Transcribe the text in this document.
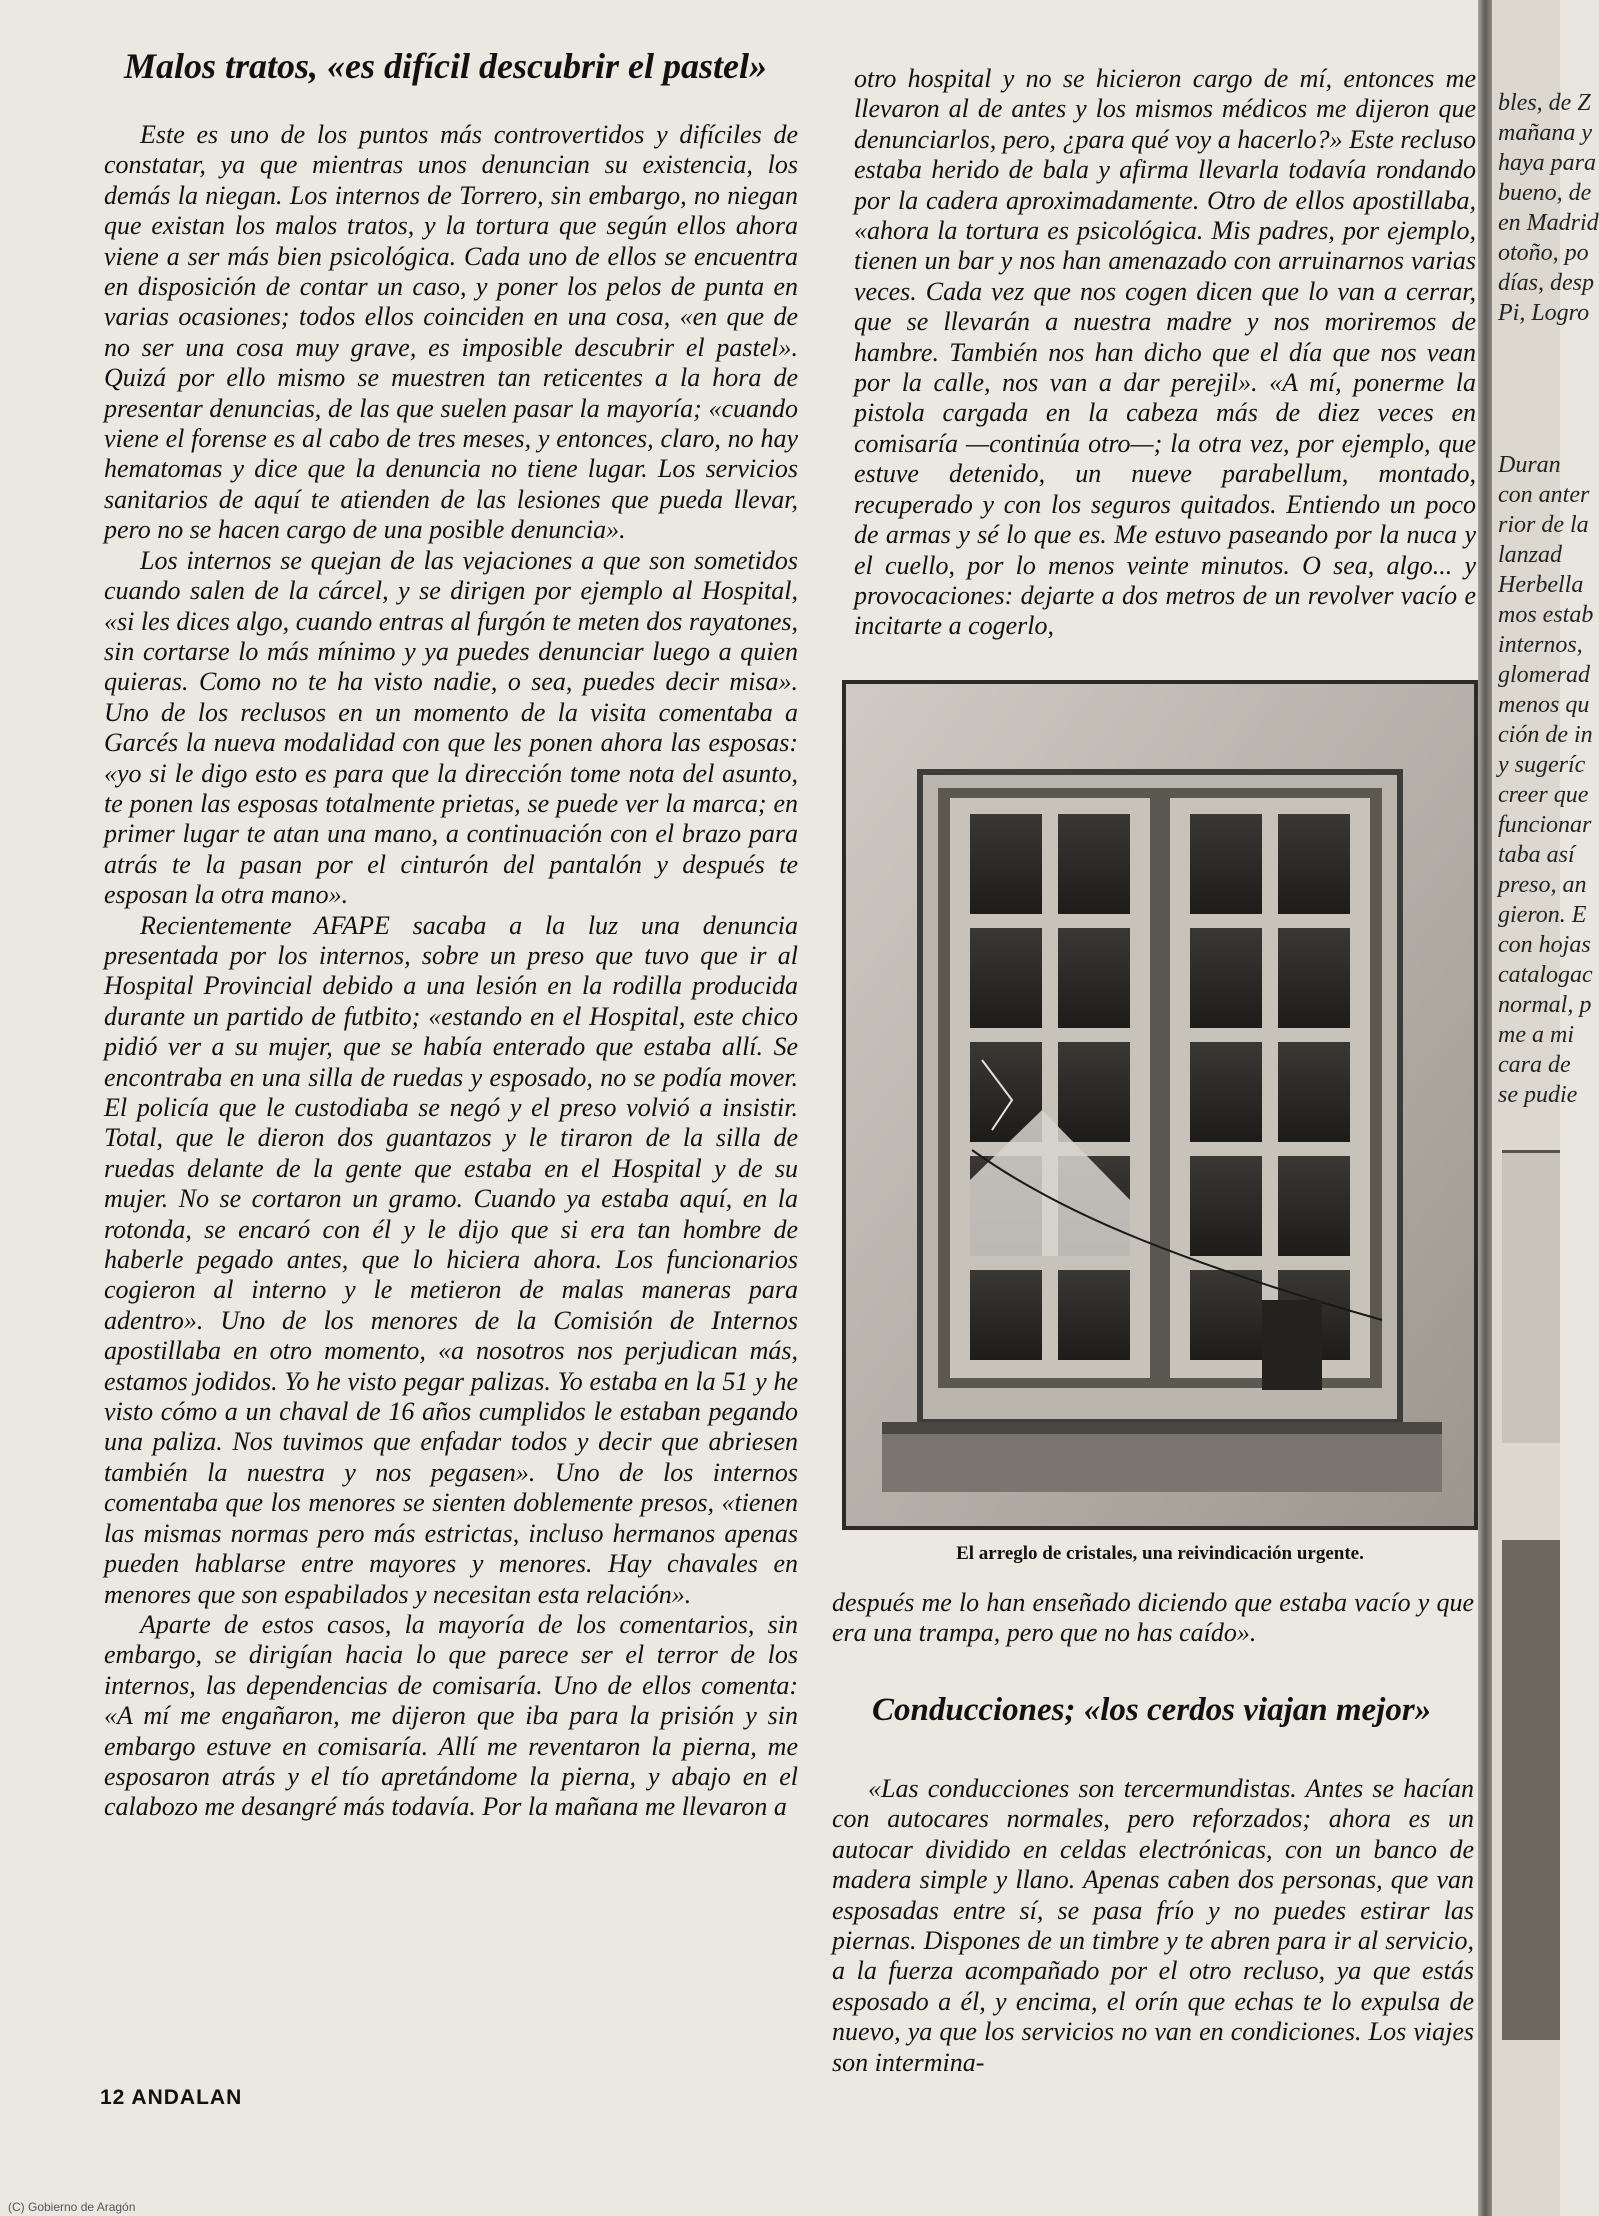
Malos tratos, «es difícil descubrir el pastel»

Este es uno de los puntos más controvertidos y difíciles de constatar, ya que mientras unos denuncian su existencia, los demás la niegan. Los internos de Torrero, sin embargo, no niegan que existan los malos tratos, y la tortura que según ellos ahora viene a ser más bien psicológica. Cada uno de ellos se encuentra en disposición de contar un caso, y poner los pelos de punta en varias ocasiones; todos ellos coinciden en una cosa, «en que de no ser una cosa muy grave, es imposible descubrir el pastel». Quizá por ello mismo se muestren tan reticentes a la hora de presentar denuncias, de las que suelen pasar la mayoría; «cuando viene el forense es al cabo de tres meses, y entonces, claro, no hay hematomas y dice que la denuncia no tiene lugar. Los servicios sanitarios de aquí te atienden de las lesiones que pueda llevar, pero no se hacen cargo de una posible denuncia».

Los internos se quejan de las vejaciones a que son sometidos cuando salen de la cárcel, y se dirigen por ejemplo al Hospital, «si les dices algo, cuando entras al furgón te meten dos rayatones, sin cortarse lo más mínimo y ya puedes denunciar luego a quien quieras. Como no te ha visto nadie, o sea, puedes decir misa». Uno de los reclusos en un momento de la visita comentaba a Garcés la nueva modalidad con que les ponen ahora las esposas: «yo si le digo esto es para que la dirección tome nota del asunto, te ponen las esposas totalmente prietas, se puede ver la marca; en primer lugar te atan una mano, a continuación con el brazo para atrás te la pasan por el cinturón del pantalón y después te esposan la otra mano».

Recientemente AFAPE sacaba a la luz una denuncia presentada por los internos, sobre un preso que tuvo que ir al Hospital Provincial debido a una lesión en la rodilla producida durante un partido de futbito; «estando en el Hospital, este chico pidió ver a su mujer, que se había enterado que estaba allí. Se encontraba en una silla de ruedas y esposado, no se podía mover. El policía que le custodiaba se negó y el preso volvió a insistir. Total, que le dieron dos guantazos y le tiraron de la silla de ruedas delante de la gente que estaba en el Hospital y de su mujer. No se cortaron un gramo. Cuando ya estaba aquí, en la rotonda, se encaró con él y le dijo que si era tan hombre de haberle pegado antes, que lo hiciera ahora. Los funcionarios cogieron al interno y le metieron de malas maneras para adentro». Uno de los menores de la Comisión de Internos apostillaba en otro momento, «a nosotros nos perjudican más, estamos jodidos. Yo he visto pegar palizas. Yo estaba en la 51 y he visto cómo a un chaval de 16 años cumplidos le estaban pegando una paliza. Nos tuvimos que enfadar todos y decir que abriesen también la nuestra y nos pegasen». Uno de los internos comentaba que los menores se sienten doblemente presos, «tienen las mismas normas pero más estrictas, incluso hermanos apenas pueden hablarse entre mayores y menores. Hay chavales en menores que son espabilados y necesitan esta relación».

Aparte de estos casos, la mayoría de los comentarios, sin embargo, se dirigían hacia lo que parece ser el terror de los internos, las dependencias de comisaría. Uno de ellos comenta: «A mí me engañaron, me dijeron que iba para la prisión y sin embargo estuve en comisaría. Allí me reventaron la pierna, me esposaron atrás y el tío apretándome la pierna, y abajo en el calabozo me desangré más todavía. Por la mañana me llevaron a

otro hospital y no se hicieron cargo de mí, entonces me llevaron al de antes y los mismos médicos me dijeron que denunciarlos, pero, ¿para qué voy a hacerlo?» Este recluso estaba herido de bala y afirma llevarla todavía rondando por la cadera aproximadamente. Otro de ellos apostillaba, «ahora la tortura es psicológica. Mis padres, por ejemplo, tienen un bar y nos han amenazado con arruinarnos varias veces. Cada vez que nos cogen dicen que lo van a cerrar, que se llevarán a nuestra madre y nos moriremos de hambre. También nos han dicho que el día que nos vean por la calle, nos van a dar perejil». «A mí, ponerme la pistola cargada en la cabeza más de diez veces en comisaría —continúa otro—; la otra vez, por ejemplo, que estuve detenido, un nueve parabellum, montado, recuperado y con los seguros quitados. Entiendo un poco de armas y sé lo que es. Me estuvo paseando por la nuca y el cuello, por lo menos veinte minutos. O sea, algo... y provocaciones: dejarte a dos metros de un revolver vacío e incitarte a cogerlo,

El arreglo de cristales, una reivindicación urgente.

después me lo han enseñado diciendo que estaba vacío y que era una trampa, pero que no has caído».

Conducciones; «los cerdos viajan mejor»

«Las conducciones son tercermundistas. Antes se hacían con autocares normales, pero reforzados; ahora es un autocar dividido en celdas electrónicas, con un banco de madera simple y llano. Apenas caben dos personas, que van esposadas entre sí, se pasa frío y no puedes estirar las piernas. Dispones de un timbre y te abren para ir al servicio, a la fuerza acompañado por el otro recluso, ya que estás esposado a él, y encima, el orín que echas te lo expulsa de nuevo, ya que los servicios no van en condiciones. Los viajes son intermina-

12 ANDALAN
bles, de Z
mañana y
haya para
bueno, de
en Madrid
otoño, po
días, desp
Pi, Logro
Duran
con anter
rior de la
lanzad
Herbella
mos estab
internos,
glomerad
menos qu
ción de in
y sugeríc
creer que
funcionar
taba así
preso, an
gieron. E
con hojas
catalogac
normal, p
me a mi
cara de
se pudie
(C) Gobierno de Aragón
